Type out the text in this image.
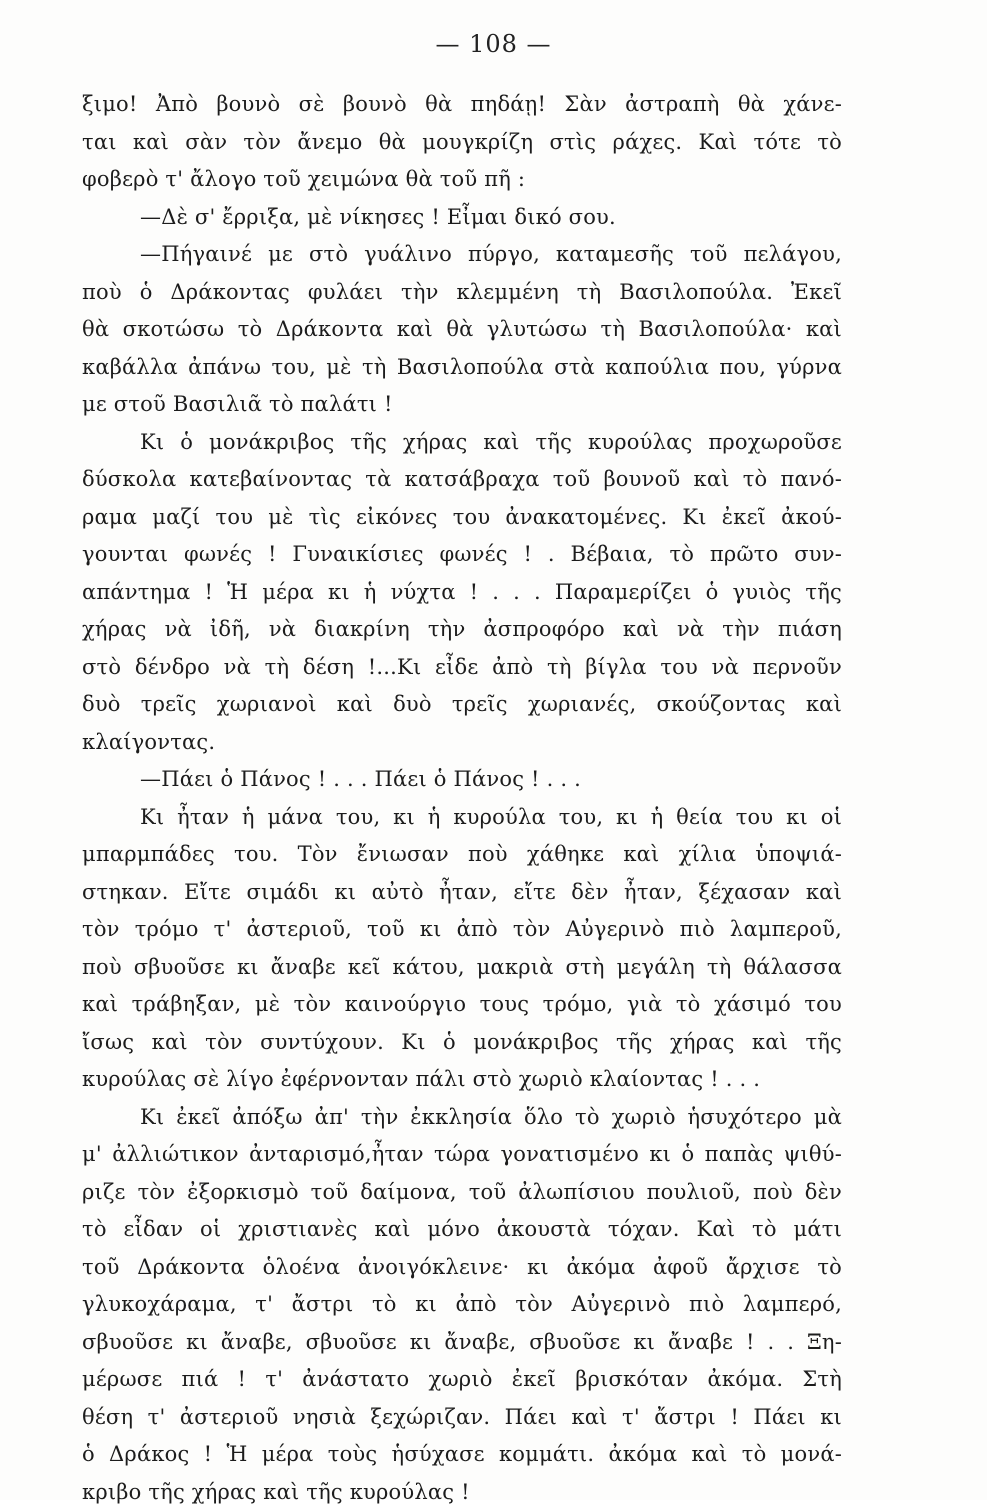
— 108 —
ξιμο! Ἀπὸ βουνὸ σὲ βουνὸ θὰ πηδάῃ! Σὰν ἀστραπὴ θὰ χάνε-
ται καὶ σὰν τὸν ἄνεμο θὰ μουγκρίζη στὶς ράχες. Καὶ τότε τὸ
φοβερὸ τ' ἄλογο τοῦ χειμώνα θὰ τοῦ πῆ :
—Δὲ σ' ἔρριξα, μὲ νίκησες ! Εἶμαι δικό σου.
—Πήγαινέ με στὸ γυάλινο πύργο, καταμεσῆς τοῦ πελάγου,
ποὺ ὁ Δράκοντας φυλάει τὴν κλεμμένη τὴ Βασιλοπούλα. Ἐκεῖ
θὰ σκοτώσω τὸ Δράκοντα καὶ θὰ γλυτώσω τὴ Βασιλοπούλα· καὶ
καβάλλα ἀπάνω του, μὲ τὴ Βασιλοπούλα στὰ καπούλια που, γύρνα
με στοῦ Βασιλιᾶ τὸ παλάτι !
Κι ὁ μονάκριβος τῆς χήρας καὶ τῆς κυρούλας προχωροῦσε
δύσκολα κατεβαίνοντας τὰ κατσάβραχα τοῦ βουνοῦ καὶ τὸ πανό-
ραμα μαζί του μὲ τὶς εἰκόνες του ἀνακατομένες. Κι ἐκεῖ ἀκού-
γουνται φωνές ! Γυναικίσιες φωνές ! . Βέβαια, τὸ πρῶτο συν-
απάντημα ! Ἡ μέρα κι ἡ νύχτα ! . . . Παραμερίζει ὁ γυιὸς τῆς
χήρας νὰ ἰδῆ, νὰ διακρίνη τὴν ἀσπροφόρο καὶ νὰ τὴν πιάση
στὸ δένδρο νὰ τὴ δέση !...Κι εἶδε ἀπὸ τὴ βίγλα του νὰ περνοῦν
δυὸ τρεῖς χωριανοὶ καὶ δυὸ τρεῖς χωριανές, σκούζοντας καὶ
κλαίγοντας.
—Πάει ὁ Πάνος ! . . . Πάει ὁ Πάνος ! . . .
Κι ἦταν ἡ μάνα του, κι ἡ κυρούλα του, κι ἡ θεία του κι οἱ
μπαρμπάδες του. Τὸν ἔνιωσαν ποὺ χάθηκε καὶ χίλια ὑποψιά-
στηκαν. Εἴτε σιμάδι κι αὐτὸ ἦταν, εἴτε δὲν ἦταν, ξέχασαν καὶ
τὸν τρόμο τ' ἀστεριοῦ, τοῦ κι ἀπὸ τὸν Αὐγερινὸ πιὸ λαμπεροῦ,
ποὺ σβυοῦσε κι ἄναβε κεῖ κάτου, μακριὰ στὴ μεγάλη τὴ θάλασσα
καὶ τράβηξαν, μὲ τὸν καινούργιο τους τρόμο, γιὰ τὸ χάσιμό του
ἴσως καὶ τὸν συντύχουν. Κι ὁ μονάκριβος τῆς χήρας καὶ τῆς
κυρούλας σὲ λίγο ἐφέρνονταν πάλι στὸ χωριὸ κλαίοντας ! . . .
Κι ἐκεῖ ἀπόξω ἀπ' τὴν ἐκκλησία ὅλο τὸ χωριὸ ἡσυχότερο μὰ
μ' ἀλλιώτικον ἀνταρισμό,ἦταν τώρα γονατισμένο κι ὁ παπὰς ψιθύ-
ριζε τὸν ἐξορκισμὸ τοῦ δαίμονα, τοῦ ἀλωπίσιου πουλιοῦ, ποὺ δὲν
τὸ εἶδαν οἱ χριστιανὲς καὶ μόνο ἀκουστὰ τόχαν. Καὶ τὸ μάτι
τοῦ Δράκοντα ὁλοένα ἀνοιγόκλεινε· κι ἀκόμα ἀφοῦ ἄρχισε τὸ
γλυκοχάραμα, τ' ἄστρι τὸ κι ἀπὸ τὸν Αὐγερινὸ πιὸ λαμπερό,
σβυοῦσε κι ἄναβε, σβυοῦσε κι ἄναβε, σβυοῦσε κι ἄναβε ! . . Ξη-
μέρωσε πιά ! τ' ἀνάστατο χωριὸ ἐκεῖ βρισκόταν ἀκόμα. Στὴ
θέση τ' ἀστεριοῦ νησιὰ ξεχώριζαν. Πάει καὶ τ' ἄστρι ! Πάει κι
ὁ Δράκος ! Ἡ μέρα τοὺς ἡσύχασε κομμάτι. ἀκόμα καὶ τὸ μονά-
κριβο τῆς χήρας καὶ τῆς κυρούλας !
